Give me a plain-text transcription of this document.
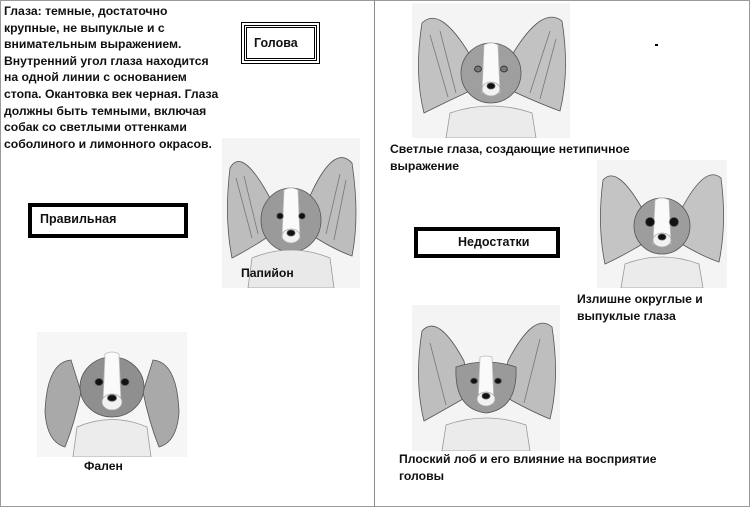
Глаза: темные, достаточно
крупные, не выпуклые и с
внимательным выражением.
Внутренний угол глаза находится
на одной линии с основанием
стопа. Окантовка век черная. Глаза
должны быть темными, включая
собак со светлыми оттенками
соболиного и лимонного окрасов.
Голова
Правильная
Папийон
Фален
Светлые глаза, создающие нетипичное
выражение
Недостатки
Излишне округлые и
выпуклые глаза
Плоский лоб и его влияние на восприятие
головы
